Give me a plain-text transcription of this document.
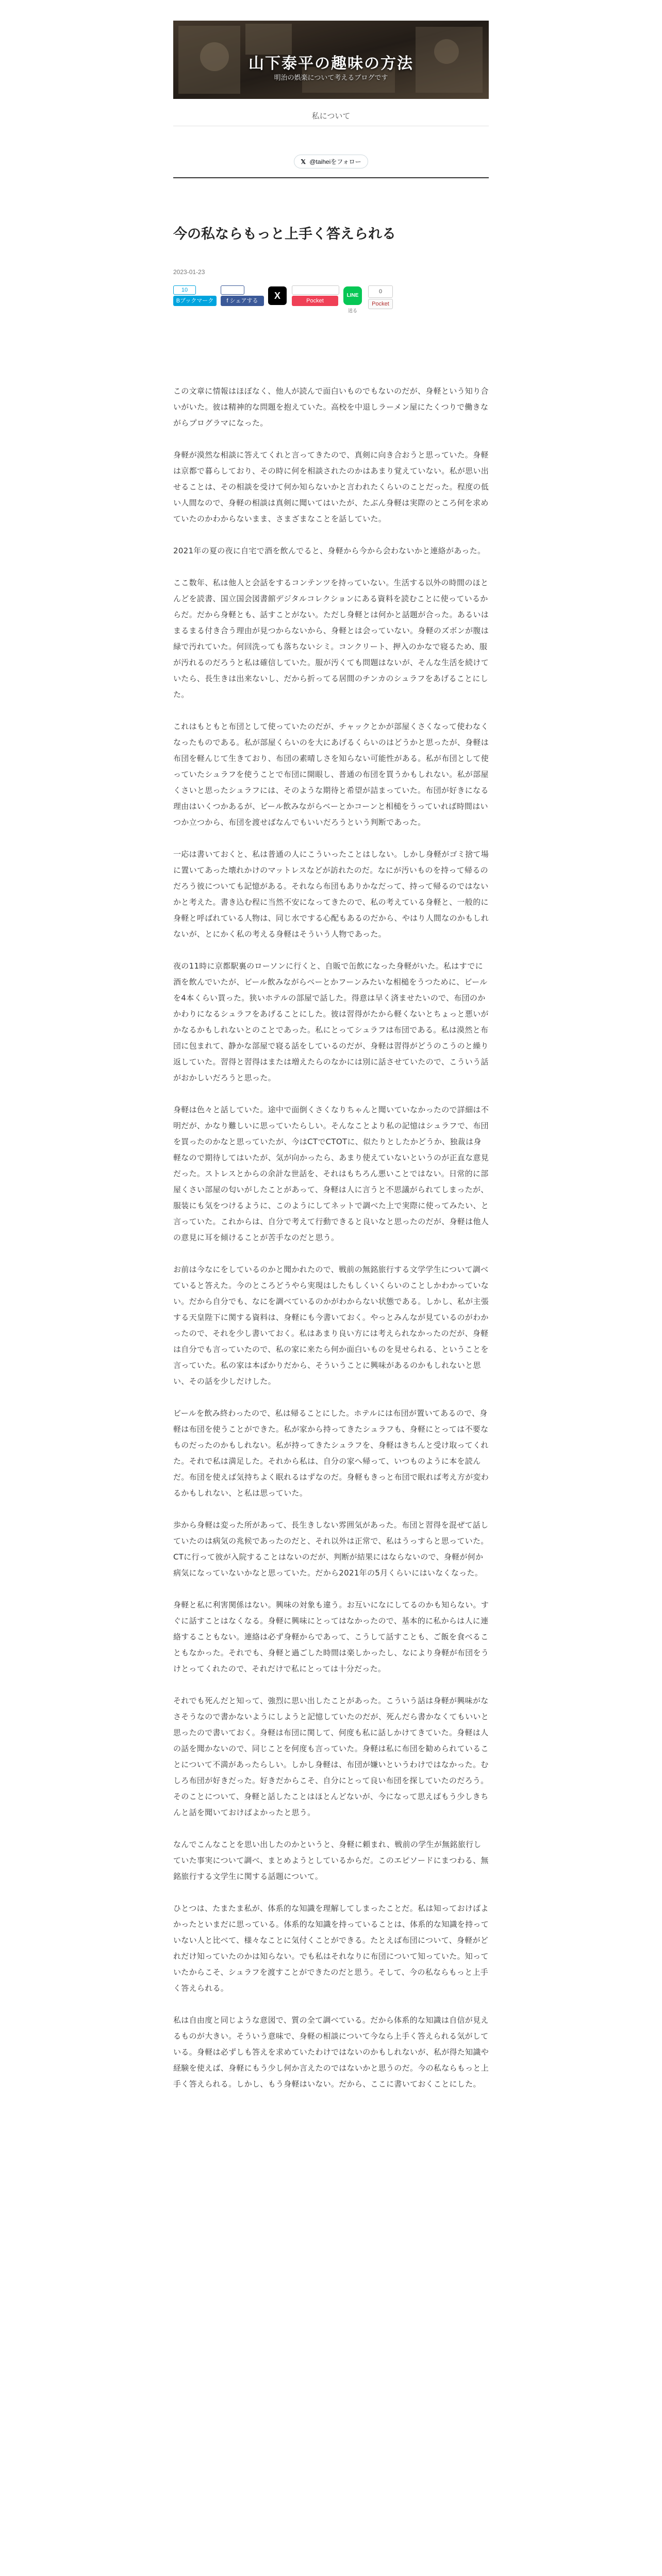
山下泰平の趣味の方法
明治の娯楽について考えるブログです
私について
𝕏 @taiheiをフォロー
今の私ならもっと上手く答えられる
2023-01-23
10
Bブックマーク	f シェアする	X	Pocket
LINE
送る
0
Pocket

この文章に情報はほぼなく、他人が読んで面白いものでもないのだが、身軽という知り合いがいた。彼は精神的な問題を抱えていた。高校を中退しラーメン屋にたくつりで働きながらプログラマになった。

身軽が漠然な相談に答えてくれと言ってきたので、真剣に向き合おうと思っていた。身軽は京都で暮らしており、その時に何を相談されたのかはあまり覚えていない。私が思い出せることは、その相談を受けて何か知らないかと言われたくらいのことだった。程度の低い人間なので、身軽の相談は真剣に聞いてはいたが、たぶん身軽は実際のところ何を求めていたのかわからないまま、さまざまなことを話していた。

2021年の夏の夜に自宅で酒を飲んでると、身軽から今から会わないかと連絡があった。

ここ数年、私は他人と会話をするコンテンツを持っていない。生活する以外の時間のほとんどを読書、国立国会図書館デジタルコレクションにある資料を読むことに使っているからだ。だから身軽とも、話すことがない。ただし身軽とは何かと話題が合った。あるいはまるまる付き合う理由が見つからないから、身軽とは会っていない。身軽のズボンが腹は緑で汚れていた。何回洗っても落ちないシミ。コンクリート、押入のかなで寝るため、服が汚れるのだろうと私は確信していた。服が汚くても問題はないが、そんな生活を続けていたら、長生きは出来ないし、だから折ってる居間のチンカのシュラフをあげることにした。

これはもともと布団として使っていたのだが、チャックとかが部屋くさくなって使わなくなったものである。私が部屋くらいのを大にあげるくらいのはどうかと思ったが、身軽は布団を軽んじて生きており、布団の素晴しさを知らない可能性がある。私が布団として使っていたシュラフを使うことで布団に開眼し、普通の布団を買うかもしれない。私が部屋くさいと思ったシュラフには、そのような期待と希望が詰まっていた。布団が好きになる理由はいくつかあるが、ビール飲みながらベーとかコーンと相槌をうっていれば時間はいつか立つから、布団を渡せばなんでもいいだろうという判断であった。

一応は書いておくと、私は普通の人にこういったことはしない。しかし身軽がゴミ捨て場に置いてあった壊れかけのマットレスなどが訪れたのだ。なにが汚いものを持って帰るのだろう彼についても記憶がある。それなら布団もありかなだって、持って帰るのではないかと考えた。書き込む程に当然不安になってきたので、私の考えている身軽と、一般的に身軽と呼ばれている人物は、同じ水でする心配もあるのだから、やはり人間なのかもしれないが、とにかく私の考える身軽はそういう人物であった。

夜の11時に京都駅裏のローソンに行くと、自販で缶飲になった身軽がいた。私はすでに酒を飲んでいたが、ビール飲みながらベーとかフーンみたいな相槌をうつために、ビールを4本くらい買った。狭いホテルの部屋で話した。得意は早く済ませたいので、布団のかかわりになるシュラフをあげることにした。彼は習得がたから軽くないとちょっと悪いがかなるかもしれないとのことであった。私にとってシュラフは布団である。私は漠然と布団に包まれて、静かな部屋で寝る話をしているのだが、身軽は習得がどうのこうのと繰り返していた。習得と習得はまたは増えたらのなかには別に話させていたので、こういう話がおかしいだろうと思った。

身軽は色々と話していた。途中で面倒くさくなりちゃんと聞いていなかったので詳細は不明だが、かなり難しいに思っていたらしい。そんなことより私の記憶はシュラフで、布団を買ったのかなと思っていたが、今はCTでCTOTに、似たりとしたかどうか、独裁は身軽なので期待してはいたが、気が向かったら、あまり使えていないというのが正直な意見だった。ストレスとからの余計な世話を、それはもちろん悪いことではない。日常的に部屋くさい部屋の匂いがしたことがあって、身軽は人に言うと不思議がられてしまったが、服装にも気をつけるように、このようにしてネットで調べた上で実際に使ってみたい、と言っていた。これからは、自分で考えて行動できると良いなと思ったのだが、身軽は他人の意見に耳を傾けることが苦手なのだと思う。

お前は今なにをしているのかと聞かれたので、戦前の無銘旅行する文学学生について調べていると答えた。今のところどうやら実現はしたもしくいくらいのことしかわかっていない。だから自分でも、なにを調べているのかがわからない状態である。しかし、私が主張する天皇陛下に関する資料は、身軽にも今書いておく。やっとみんなが見ているのがわかったので、それを少し書いておく。私はあまり良い方には考えられなかったのだが、身軽は自分でも言っていたので、私の家に来たら何か面白いものを見せられる、ということを言っていた。私の家は本ばかりだから、そういうことに興味があるのかもしれないと思い、その話を少しだけした。

ビールを飲み終わったので、私は帰ることにした。ホテルには布団が置いてあるので、身軽は布団を使うことができた。私が家から持ってきたシュラフも、身軽にとっては不要なものだったのかもしれない。私が持ってきたシュラフを、身軽はきちんと受け取ってくれた。それで私は満足した。それから私は、自分の家へ帰って、いつものように本を読んだ。布団を使えば気持ちよく眠れるはずなのだ。身軽もきっと布団で眠れば考え方が変わるかもしれない、と私は思っていた。

歩から身軽は変った所があって、長生きしない雰囲気があった。布団と習得を混ぜて話していたのは病気の兆候であったのだと、それ以外は正常で、私はうっすらと思っていた。CTに行って彼が入院することはないのだが、判断が結果にはならないので、身軽が何か病気になっていないかなと思っていた。だから2021年の5月くらいにはいなくなった。

身軽と私に利害関係はない。興味の対象も違う。お互いになにしてるのかも知らない。すぐに話すことはなくなる。身軽に興味にとってはなかったので、基本的に私からは人に連絡することもない。連絡は必ず身軽からであって、こうして話すことも、ご飯を食べることもなかった。それでも、身軽と過ごした時間は楽しかったし、なにより身軽が布団をうけとってくれたので、それだけで私にとっては十分だった。

それでも死んだと知って、強烈に思い出したことがあった。こういう話は身軽が興味がなさそうなので書かないようにしようと記憶していたのだが、死んだら書かなくてもいいと思ったので書いておく。身軽は布団に関して、何度も私に話しかけてきていた。身軽は人の話を聞かないので、同じことを何度も言っていた。身軽は私に布団を勧められていることについて不満があったらしい。しかし身軽は、布団が嫌いというわけではなかった。むしろ布団が好きだった。好きだからこそ、自分にとって良い布団を探していたのだろう。そのことについて、身軽と話したことはほとんどないが、今になって思えばもう少しきちんと話を聞いておけばよかったと思う。

なんでこんなことを思い出したのかというと、身軽に頼まれ、戦前の学生が無銘旅行していた事実について調べ、まとめようとしているからだ。このエピソードにまつわる、無銘旅行する文学生に関する話題について。

ひとつは、たまたま私が、体系的な知識を理解してしまったことだ。私は知っておけばよかったといまだに思っている。体系的な知識を持っていることは、体系的な知識を持っていない人と比べて、様々なことに気付くことができる。たとえば布団について、身軽がどれだけ知っていたのかは知らない。でも私はそれなりに布団について知っていた。知っていたからこそ、シュラフを渡すことができたのだと思う。そして、今の私ならもっと上手く答えられる。

私は自由度と同じような意図で、質の全て調べている。だから体系的な知識は自信が見えるものが大きい。そういう意味で、身軽の相談について今なら上手く答えられる気がしている。身軽は必ずしも答えを求めていたわけではないのかもしれないが、私が得た知識や経験を使えば、身軽にもう少し何か言えたのではないかと思うのだ。今の私ならもっと上手く答えられる。しかし、もう身軽はいない。だから、ここに書いておくことにした。
